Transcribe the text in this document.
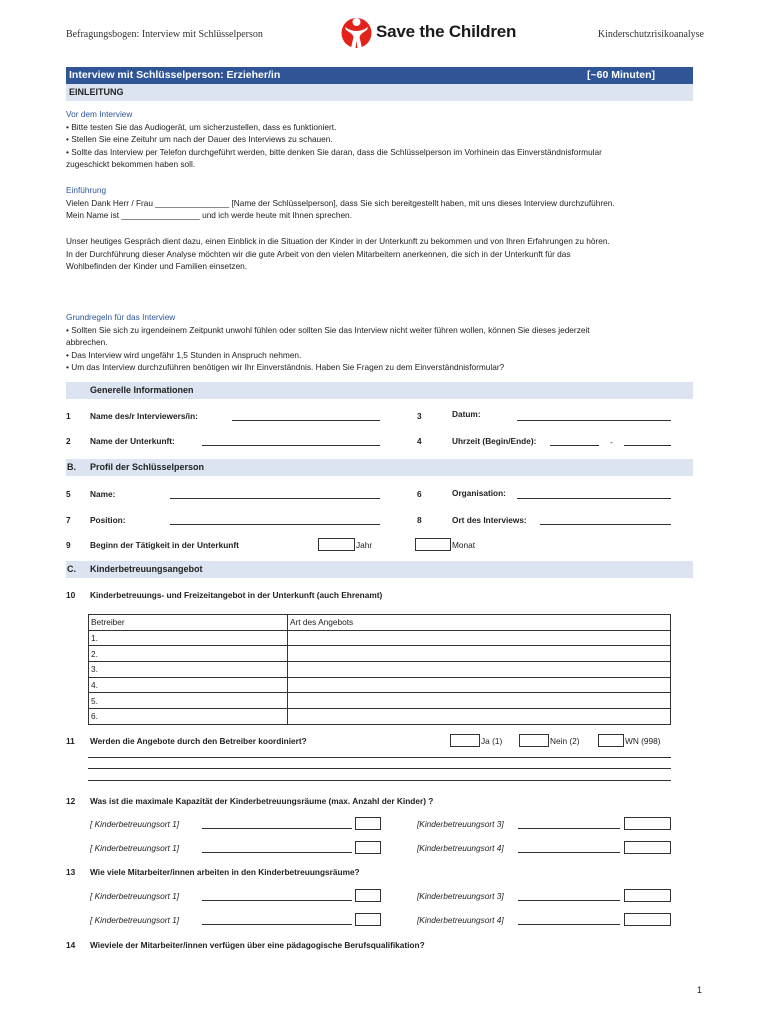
Befragungsbogen: Interview mit Schlüsselperson	Save the Children	Kinderschutzrisikoanalyse
Interview mit Schlüsselperson: Erzieher/in	[~60 Minuten]
EINLEITUNG
Vor dem Interview
• Bitte testen Sie das Audiogerät, um sicherzustellen, dass es funktioniert.
• Stellen Sie eine Zeituhr um nach der Dauer des Interviews zu schauen.
• Sollte das Interview per Telefon durchgeführt werden, bitte denken Sie daran, dass die Schlüsselperson im Vorhinein das Einverständnisformular
zugeschickt bekommen haben soll.
Einführung
Vielen Dank Herr / Frau ________________ [Name der Schlüsselperson], dass Sie sich bereitgestellt haben, mit uns dieses Interview durchzuführen.
Mein Name ist _________________ und ich werde heute mit Ihnen sprechen.
Unser heutiges Gespräch dient dazu, einen Einblick in die Situation der Kinder in der Unterkunft zu bekommen und von Ihren Erfahrungen zu hören.
In der Durchführung dieser Analyse möchten wir die gute Arbeit von den vielen Mitarbeitern anerkennen, die sich in der Unterkunft für das
Wohlbefinden der Kinder und Familien einsetzen.
Grundregeln für das Interview
• Sollten Sie sich zu irgendeinem Zeitpunkt unwohl fühlen oder sollten Sie das Interview nicht weiter führen wollen, können Sie dieses jederzeit
abbrechen.
• Das Interview wird ungefähr 1,5 Stunden in Anspruch nehmen.
• Um das Interview durchzuführen benötigen wir Ihr Einverständnis. Haben Sie Fragen zu dem Einverständnisformular?
Generelle Informationen
1 Name des/r Interviewers/in:	3	Datum:
2 Name der Unterkunft:	4	Uhrzeit (Begin/Ende):	-
B. Profil der Schlüsselperson
5 Name:	6	Organisation:
7 Position:	8	Ort des Interviews:
9 Beginn der Tätigkeit in der Unterkunft	Jahr	Monat
C. Kinderbetreuungsangebot
10 Kinderbetreuungs- und Freizeitangebot in der Unterkunft (auch Ehrenamt)
Betreiber	Art des Angebots
1.	
2.	
3.	
4.	
5.	
6.	
11 Werden die Angebote durch den Betreiber koordiniert?	Ja (1)	Nein (2)	WN (998)
12 Was ist die maximale Kapazität der Kinderbetreuungsräume (max. Anzahl der Kinder) ?
[ Kinderbetreuungsort 1]	[Kinderbetreuungsort 3]
[ Kinderbetreuungsort 1]	[Kinderbetreuungsort 4]
13 Wie viele Mitarbeiter/innen arbeiten in den Kinderbetreuungsräume?
[ Kinderbetreuungsort 1]	[Kinderbetreuungsort 3]
[ Kinderbetreuungsort 1]	[Kinderbetreuungsort 4]
14 Wieviele der Mitarbeiter/innen verfügen über eine pädagogische Berufsqualifikation?
1
